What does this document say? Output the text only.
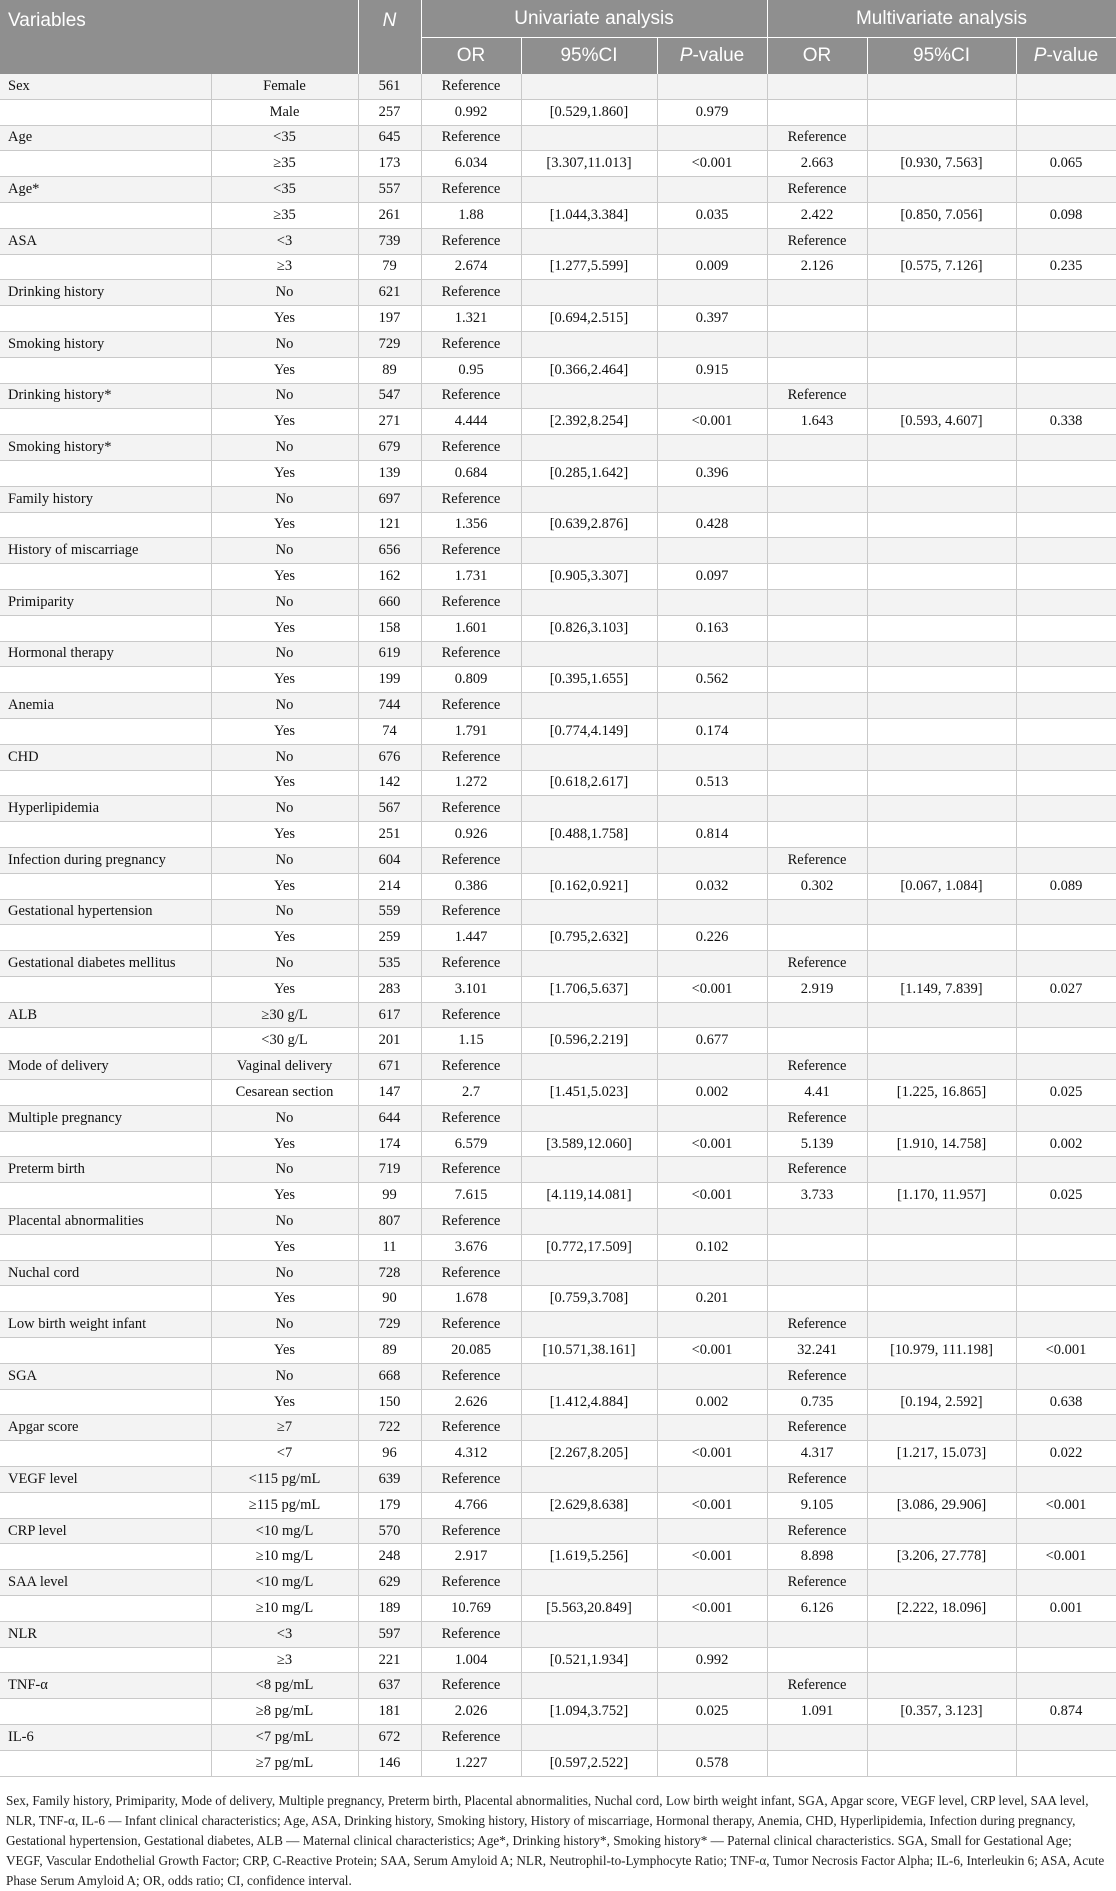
Variables		N	Univariate analysis			Multivariate analysis		
			OR	95%CI	P-value	OR	95%CI	P-value
Sex	Female	561	Reference					
	Male	257	0.992	[0.529,1.860]	0.979			
Age	<35	645	Reference			Reference		
	≥35	173	6.034	[3.307,11.013]	<0.001	2.663	[0.930, 7.563]	0.065
Age*	<35	557	Reference			Reference		
	≥35	261	1.88	[1.044,3.384]	0.035	2.422	[0.850, 7.056]	0.098
ASA	<3	739	Reference			Reference		
	≥3	79	2.674	[1.277,5.599]	0.009	2.126	[0.575, 7.126]	0.235
Drinking history	No	621	Reference					
	Yes	197	1.321	[0.694,2.515]	0.397			
Smoking history	No	729	Reference					
	Yes	89	0.95	[0.366,2.464]	0.915			
Drinking history*	No	547	Reference			Reference		
	Yes	271	4.444	[2.392,8.254]	<0.001	1.643	[0.593, 4.607]	0.338
Smoking history*	No	679	Reference					
	Yes	139	0.684	[0.285,1.642]	0.396			
Family history	No	697	Reference					
	Yes	121	1.356	[0.639,2.876]	0.428			
History of miscarriage	No	656	Reference					
	Yes	162	1.731	[0.905,3.307]	0.097			
Primiparity	No	660	Reference					
	Yes	158	1.601	[0.826,3.103]	0.163			
Hormonal therapy	No	619	Reference					
	Yes	199	0.809	[0.395,1.655]	0.562			
Anemia	No	744	Reference					
	Yes	74	1.791	[0.774,4.149]	0.174			
CHD	No	676	Reference					
	Yes	142	1.272	[0.618,2.617]	0.513			
Hyperlipidemia	No	567	Reference					
	Yes	251	0.926	[0.488,1.758]	0.814			
Infection during pregnancy	No	604	Reference			Reference		
	Yes	214	0.386	[0.162,0.921]	0.032	0.302	[0.067, 1.084]	0.089
Gestational hypertension	No	559	Reference					
	Yes	259	1.447	[0.795,2.632]	0.226			
Gestational diabetes mellitus	No	535	Reference			Reference		
	Yes	283	3.101	[1.706,5.637]	<0.001	2.919	[1.149, 7.839]	0.027
ALB	≥30 g/L	617	Reference					
	<30 g/L	201	1.15	[0.596,2.219]	0.677			
Mode of delivery	Vaginal delivery	671	Reference			Reference		
	Cesarean section	147	2.7	[1.451,5.023]	0.002	4.41	[1.225, 16.865]	0.025
Multiple pregnancy	No	644	Reference			Reference		
	Yes	174	6.579	[3.589,12.060]	<0.001	5.139	[1.910, 14.758]	0.002
Preterm birth	No	719	Reference			Reference		
	Yes	99	7.615	[4.119,14.081]	<0.001	3.733	[1.170, 11.957]	0.025
Placental abnormalities	No	807	Reference					
	Yes	11	3.676	[0.772,17.509]	0.102			
Nuchal cord	No	728	Reference					
	Yes	90	1.678	[0.759,3.708]	0.201			
Low birth weight infant	No	729	Reference			Reference		
	Yes	89	20.085	[10.571,38.161]	<0.001	32.241	[10.979, 111.198]	<0.001
SGA	No	668	Reference			Reference		
	Yes	150	2.626	[1.412,4.884]	0.002	0.735	[0.194, 2.592]	0.638
Apgar score	≥7	722	Reference			Reference		
	<7	96	4.312	[2.267,8.205]	<0.001	4.317	[1.217, 15.073]	0.022
VEGF level	<115 pg/mL	639	Reference			Reference		
	≥115 pg/mL	179	4.766	[2.629,8.638]	<0.001	9.105	[3.086, 29.906]	<0.001
CRP level	<10 mg/L	570	Reference			Reference		
	≥10 mg/L	248	2.917	[1.619,5.256]	<0.001	8.898	[3.206, 27.778]	<0.001
SAA level	<10 mg/L	629	Reference			Reference		
	≥10 mg/L	189	10.769	[5.563,20.849]	<0.001	6.126	[2.222, 18.096]	0.001
NLR	<3	597	Reference					
	≥3	221	1.004	[0.521,1.934]	0.992			
TNF-α	<8 pg/mL	637	Reference			Reference		
	≥8 pg/mL	181	2.026	[1.094,3.752]	0.025	1.091	[0.357, 3.123]	0.874
IL-6	<7 pg/mL	672	Reference					
	≥7 pg/mL	146	1.227	[0.597,2.522]	0.578			
Sex, Family history, Primiparity, Mode of delivery, Multiple pregnancy, Preterm birth, Placental abnormalities, Nuchal cord, Low birth weight infant, SGA, Apgar score, VEGF level, CRP level, SAA level, NLR, TNF-α, IL-6 — Infant clinical characteristics; Age, ASA, Drinking history, Smoking history, History of miscarriage, Hormonal therapy, Anemia, CHD, Hyperlipidemia, Infection during pregnancy, Gestational hypertension, Gestational diabetes, ALB — Maternal clinical characteristics; Age*, Drinking history*, Smoking history* — Paternal clinical characteristics. SGA, Small for Gestational Age; VEGF, Vascular Endothelial Growth Factor; CRP, C-Reactive Protein; SAA, Serum Amyloid A; NLR, Neutrophil-to-Lymphocyte Ratio; TNF-α, Tumor Necrosis Factor Alpha; IL-6, Interleukin 6; ASA, Acute Phase Serum Amyloid A; OR, odds ratio; CI, confidence interval.
